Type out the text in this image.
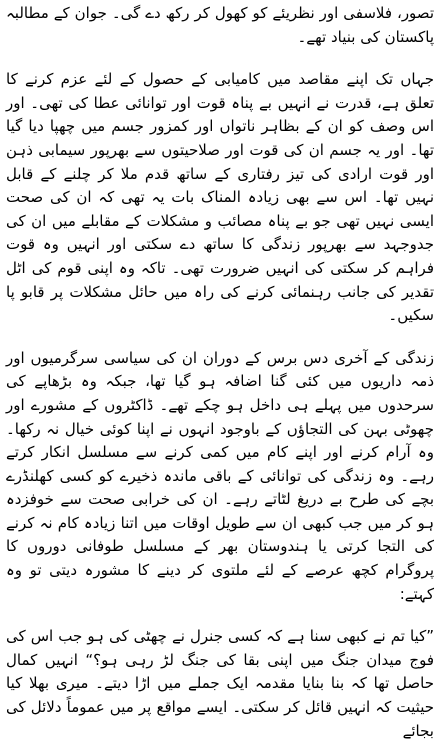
تصور، فلاسفی اور نظریئے کو کھول کر رکھ دے گی۔ جوان کے مطالبہ پاکستان کی بنیاد تھے۔

جہاں تک اپنے مقاصد میں کامیابی کے حصول کے لئے عزم کرنے کا تعلق ہے، قدرت نے انہیں بے پناہ قوت اور توانائی عطا کی تھی۔ اور اس وصف کو ان کے بظاہر ناتواں اور کمزور جسم میں چھپا دیا گیا تھا۔ اور یہ جسم ان کی قوت اور صلاحیتوں سے بھرپور سیمابی ذہن اور قوت ارادی کی تیز رفتاری کے ساتھ قدم ملا کر چلنے کے قابل نہیں تھا۔ اس سے بھی زیادہ المناک بات یہ تھی کہ ان کی صحت ایسی نہیں تھی جو بے پناہ مصائب و مشکلات کے مقابلے میں ان کی جدوجہد سے بھرپور زندگی کا ساتھ دے سکتی اور انہیں وہ قوت فراہم کر سکتی کی انہیں ضرورت تھی۔ تاکہ وہ اپنی قوم کی اٹل تقدیر کی جانب رہنمائی کرنے کی راہ میں حائل مشکلات پر قابو پا سکیں۔

زندگی کے آخری دس برس کے دوران ان کی سیاسی سرگرمیوں اور ذمہ داریوں میں کئی گنا اضافہ ہو گیا تھا، جبکہ وہ بڑھاپے کی سرحدوں میں پہلے ہی داخل ہو چکے تھے۔ ڈاکٹروں کے مشورے اور چھوٹی بہن کی التجاؤں کے باوجود انہوں نے اپنا کوئی خیال نہ رکھا۔ وہ آرام کرنے اور اپنے کام میں کمی کرنے سے مسلسل انکار کرتے رہے۔ وہ زندگی کی توانائی کے باقی ماندہ ذخیرے کو کسی کھلنڈرے بچے کی طرح بے دریغ لٹاتے رہے۔ ان کی خرابی صحت سے خوفزدہ ہو کر میں جب کبھی ان سے طویل اوقات میں اتنا زیادہ کام نہ کرنے کی التجا کرتی یا ہندوستان بھر کے مسلسل طوفانی دوروں کا پروگرام کچھ عرصے کے لئے ملتوی کر دینے کا مشورہ دیتی تو وہ کہتے:

”کیا تم نے کبھی سنا ہے کہ کسی جنرل نے چھٹی کی ہو جب اس کی فوج میدان جنگ میں اپنی بقا کی جنگ لڑ رہی ہو؟“ انہیں کمال حاصل تھا کہ بنا بنایا مقدمہ ایک جملے میں اڑا دیتے۔ میری بھلا کیا حیثیت کہ انہیں قائل کر سکتی۔ ایسے مواقع پر میں عموماً دلائل کی بجائے
